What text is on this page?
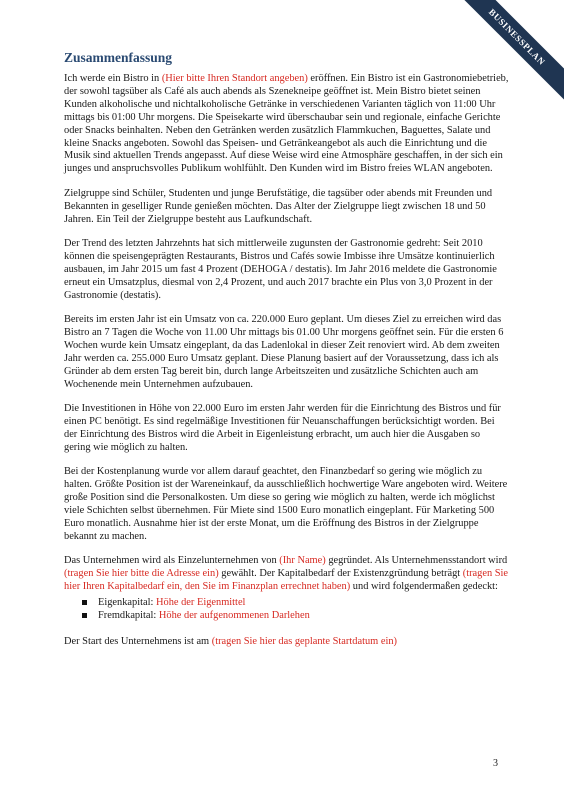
BUSINESSPLAN
Zusammenfassung

Ich werde ein Bistro in (Hier bitte Ihren Standort angeben) eröffnen. Ein Bistro ist ein Gastronomiebetrieb, der sowohl tagsüber als Café als auch abends als Szenekneipe geöffnet ist. Mein Bistro bietet seinen Kunden alkoholische und nichtalkoholische Getränke in verschiedenen Varianten täglich von 11:00 Uhr mittags bis 01:00 Uhr morgens. Die Speisekarte wird überschaubar sein und regionale, einfache Gerichte oder Snacks beinhalten. Neben den Getränken werden zusätzlich Flammkuchen, Baguettes, Salate und kleine Snacks angeboten. Sowohl das Speisen- und Getränkeangebot als auch die Einrichtung und die Musik sind aktuellen Trends angepasst. Auf diese Weise wird eine Atmosphäre geschaffen, in der sich ein junges und anspruchsvolles Publikum wohlfühlt. Den Kunden wird im Bistro freies WLAN angeboten.

Zielgruppe sind Schüler, Studenten und junge Berufstätige, die tagsüber oder abends mit Freunden und Bekannten in geselliger Runde genießen möchten. Das Alter der Zielgruppe liegt zwischen 18 und 50 Jahren. Ein Teil der Zielgruppe besteht aus Laufkundschaft.

Der Trend des letzten Jahrzehnts hat sich mittlerweile zugunsten der Gastronomie gedreht: Seit 2010 können die speisengeprägten Restaurants, Bistros und Cafés sowie Imbisse ihre Umsätze kontinuierlich ausbauen, im Jahr 2015 um fast 4 Prozent (DEHOGA / destatis). Im Jahr 2016 meldete die Gastronomie erneut ein Umsatzplus, diesmal von 2,4 Prozent, und auch 2017 brachte ein Plus von 3,0 Prozent in der Gastronomie (destatis).

Bereits im ersten Jahr ist ein Umsatz von ca. 220.000 Euro geplant. Um dieses Ziel zu erreichen wird das Bistro an 7 Tagen die Woche von 11.00 Uhr mittags bis 01.00 Uhr morgens geöffnet sein. Für die ersten 6 Wochen wurde kein Umsatz eingeplant, da das Ladenlokal in dieser Zeit renoviert wird. Ab dem zweiten Jahr werden ca. 255.000 Euro Umsatz geplant. Diese Planung basiert auf der Voraussetzung, dass ich als Gründer ab dem ersten Tag bereit bin, durch lange Arbeitszeiten und zusätzliche Schichten auch am Wochenende mein Unternehmen aufzubauen.

Die Investitionen in Höhe von 22.000 Euro im ersten Jahr werden für die Einrichtung des Bistros und für einen PC benötigt. Es sind regelmäßige Investitionen für Neuanschaffungen berücksichtigt worden. Bei der Einrichtung des Bistros wird die Arbeit in Eigenleistung erbracht, um auch hier die Ausgaben so gering wie möglich zu halten.

Bei der Kostenplanung wurde vor allem darauf geachtet, den Finanzbedarf so gering wie möglich zu halten. Größte Position ist der Wareneinkauf, da ausschließlich hochwertige Ware angeboten wird. Weitere große Position sind die Personalkosten. Um diese so gering wie möglich zu halten, werde ich möglichst viele Schichten selbst übernehmen. Für Miete sind 1500 Euro monatlich eingeplant. Für Marketing 500 Euro monatlich. Ausnahme hier ist der erste Monat, um die Eröffnung des Bistros in der Zielgruppe bekannt zu machen.

Das Unternehmen wird als Einzelunternehmen von (Ihr Name) gegründet. Als Unternehmensstandort wird (tragen Sie hier bitte die Adresse ein) gewählt. Der Kapitalbedarf der Existenzgründung beträgt (tragen Sie hier Ihren Kapitalbedarf ein, den Sie im Finanzplan errechnet haben) und wird folgendermaßen gedeckt:

Eigenkapital: Höhe der Eigenmittel
Fremdkapital: Höhe der aufgenommenen Darlehen

Der Start des Unternehmens ist am (tragen Sie hier das geplante Startdatum ein)

3
